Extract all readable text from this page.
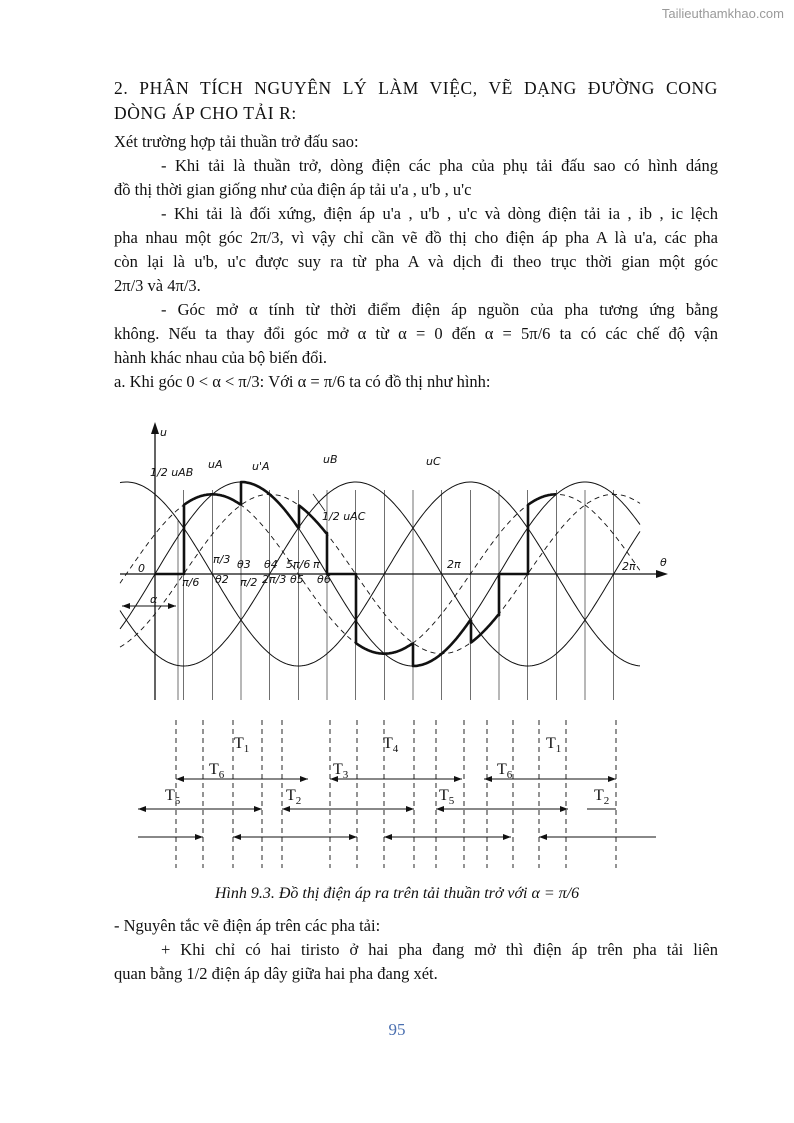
Tailieuthamkhao.com
2. PHÂN TÍCH NGUYÊN LÝ LÀM VIỆC, VẼ DẠNG ĐƯỜNG CONG
DÒNG ÁP CHO TẢI R:
Xét trường hợp tải thuần trở đấu sao:
- Khi tải là thuần trở, dòng điện các pha của phụ tải đấu sao có hình dáng
đồ thị thời gian giống như của điện áp tải u'a , u'b , u'c
- Khi tải là đối xứng, điện áp u'a , u'b , u'c và dòng điện tải ia , ib , ic lệch
pha nhau một góc 2π/3, vì vậy chỉ cần vẽ đồ thị cho điện áp pha A là u'a, các pha
còn lại là u'b, u'c được suy ra từ pha A và dịch đi theo trục thời gian một góc
2π/3 và 4π/3.
- Góc mở α tính từ thời điểm điện áp nguồn của pha tương ứng bằng
không. Nếu ta thay đổi góc mở α từ α = 0 đến α = 5π/6 ta có các chế độ vận
hành khác nhau của bộ biến đổi.
a. Khi góc 0 < α < π/3: Với α = π/6 ta có đồ thị như hình:
u
θ
0
1/2 uAB
1/2 uAC
uA	u'A
uB	uC
π/6
π/3
θ2
θ3
π/2
θ4
2π/3
5π/6
θ5
π
θ6
2π	2π
α
$T_1$	$T_4$	$T_1$
$T_6$	$T_3$	$T_6$
$T_5$	$T_2$	$T_5$	$T_2$
Hình 9.3. Đồ thị điện áp ra trên tải thuần trở với α = π/6
- Nguyên tắc vẽ điện áp trên các pha tải:
+ Khi chỉ có hai tiristo ở hai pha đang mở thì điện áp trên pha tải liên
quan bằng 1/2 điện áp dây giữa hai pha đang xét.
95
